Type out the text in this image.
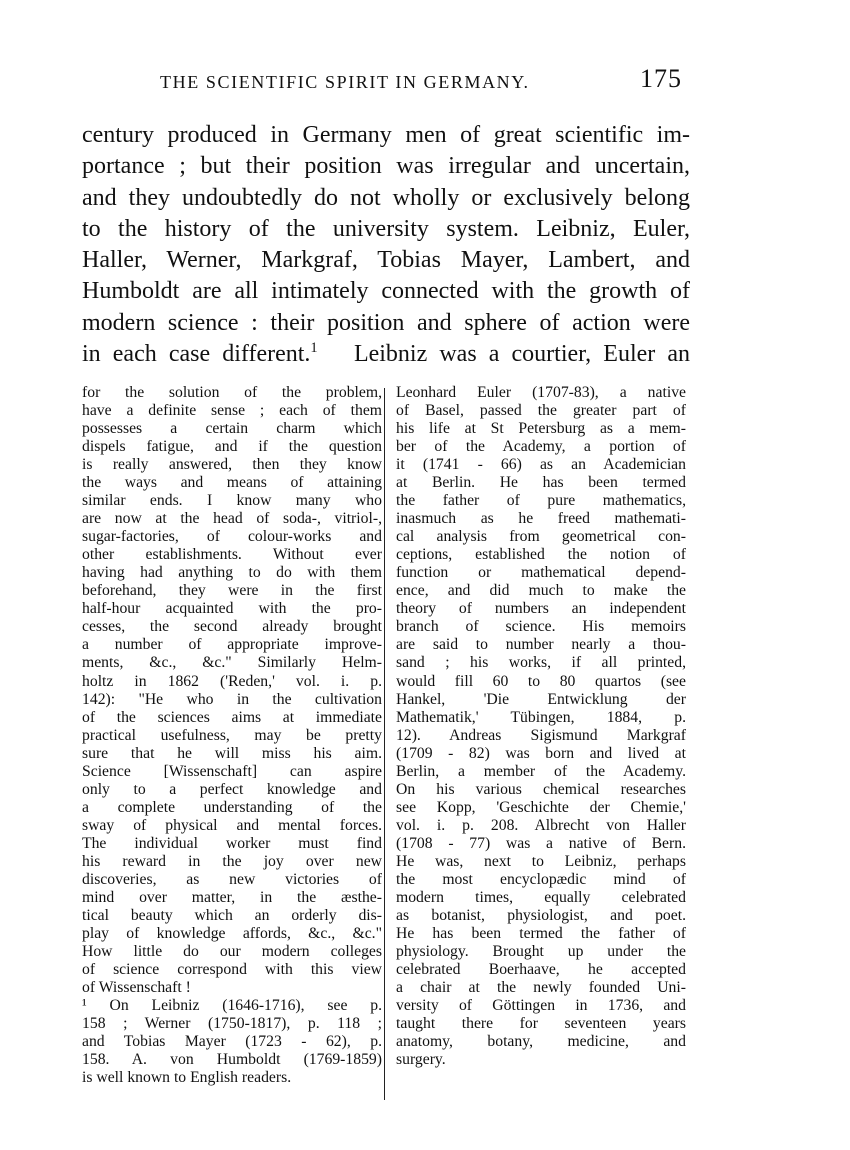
THE SCIENTIFIC SPIRIT IN GERMANY.	175
century produced in Germany men of great scientific im-
portance ; but their position was irregular and uncertain,
and they undoubtedly do not wholly or exclusively belong
to the history of the university system. Leibniz, Euler,
Haller, Werner, Markgraf, Tobias Mayer, Lambert, and
Humboldt are all intimately connected with the growth of
modern science : their position and sphere of action were
in each case different.$^1$ Leibniz was a courtier, Euler an
for the solution of the problem,
have a definite sense ; each of them
possesses a certain charm which
dispels fatigue, and if the question
is really answered, then they know
the ways and means of attaining
similar ends. I know many who
are now at the head of soda-, vitriol-,
sugar-factories, of colour-works and
other establishments. Without ever
having had anything to do with them
beforehand, they were in the first
half-hour acquainted with the pro-
cesses, the second already brought
a number of appropriate improve-
ments, &c., &c." Similarly Helm-
holtz in 1862 ('Reden,' vol. i. p.
142): "He who in the cultivation
of the sciences aims at immediate
practical usefulness, may be pretty
sure that he will miss his aim.
Science [Wissenschaft] can aspire
only to a perfect knowledge and
a complete understanding of the
sway of physical and mental forces.
The individual worker must find
his reward in the joy over new
discoveries, as new victories of
mind over matter, in the æsthe-
tical beauty which an orderly dis-
play of knowledge affords, &c., &c."
How little do our modern colleges
of science correspond with this view
of Wissenschaft !
¹ On Leibniz (1646-1716), see p.
158 ; Werner (1750-1817), p. 118 ;
and Tobias Mayer (1723 - 62), p.
158. A. von Humboldt (1769-1859)
is well known to English readers.
Leonhard Euler (1707-83), a native
of Basel, passed the greater part of
his life at St Petersburg as a mem-
ber of the Academy, a portion of
it (1741 - 66) as an Academician
at Berlin. He has been termed
the father of pure mathematics,
inasmuch as he freed mathemati-
cal analysis from geometrical con-
ceptions, established the notion of
function or mathematical depend-
ence, and did much to make the
theory of numbers an independent
branch of science. His memoirs
are said to number nearly a thou-
sand ; his works, if all printed,
would fill 60 to 80 quartos (see
Hankel, 'Die Entwicklung der
Mathematik,' Tübingen, 1884, p.
12). Andreas Sigismund Markgraf
(1709 - 82) was born and lived at
Berlin, a member of the Academy.
On his various chemical researches
see Kopp, 'Geschichte der Chemie,'
vol. i. p. 208. Albrecht von Haller
(1708 - 77) was a native of Bern.
He was, next to Leibniz, perhaps
the most encyclopædic mind of
modern times, equally celebrated
as botanist, physiologist, and poet.
He has been termed the father of
physiology. Brought up under the
celebrated Boerhaave, he accepted
a chair at the newly founded Uni-
versity of Göttingen in 1736, and
taught there for seventeen years
anatomy, botany, medicine, and
surgery.
